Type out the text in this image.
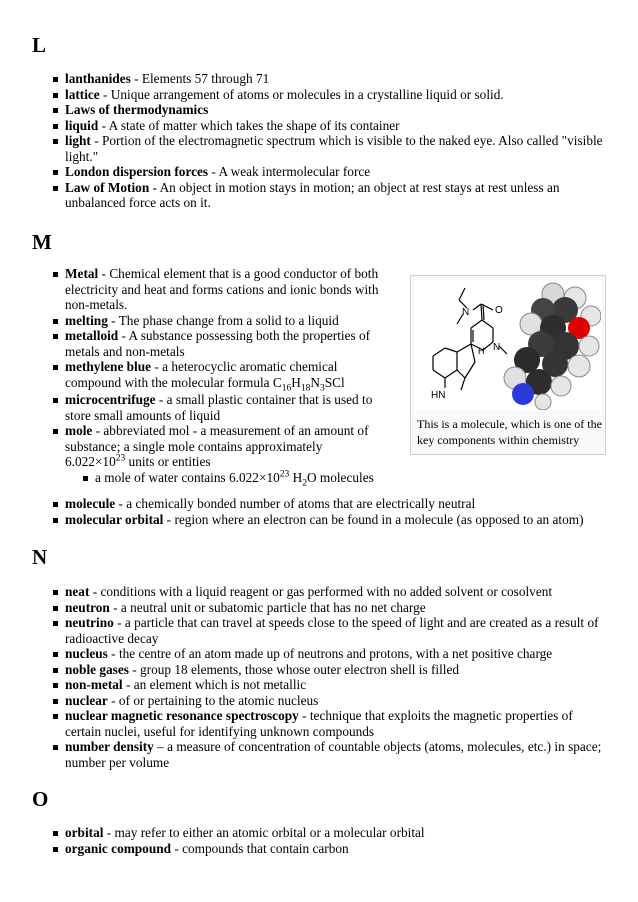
L
lanthanides - Elements 57 through 71
lattice - Unique arrangement of atoms or molecules in a crystalline liquid or solid.
Laws of thermodynamics
liquid - A state of matter which takes the shape of its container
light - Portion of the electromagnetic spectrum which is visible to the naked eye. Also called "visible light."
London dispersion forces - A weak intermolecular force
Law of Motion - An object in motion stays in motion; an object at rest stays at rest unless an unbalanced force acts on it.
M
Metal - Chemical element that is a good conductor of both electricity and heat and forms cations and ionic bonds with non-metals.
melting - The phase change from a solid to a liquid
metalloid - A substance possessing both the properties of metals and non-metals
methylene blue - a heterocyclic aromatic chemical compound with the molecular formula $C_{16}H_{18}N_3SCl$
microcentrifuge - a small plastic container that is used to store small amounts of liquid
mole - abbreviated mol - a measurement of an amount of substance; a single mole contains approximately
$6.022\times 10^{23}$ units or entities
a mole of water contains $6.022\times 10^{23}$ $H_2O$ molecules
molecule - a chemically bonded number of atoms that are electrically neutral
molecular orbital - region where an electron can be found in a molecule (as opposed to an atom)
N	O
H N
HN
This is a molecule, which is one of the key components within chemistry
N
neat - conditions with a liquid reagent or gas performed with no added solvent or cosolvent
neutron - a neutral unit or subatomic particle that has no net charge
neutrino - a particle that can travel at speeds close to the speed of light and are created as a result of radioactive decay
nucleus - the centre of an atom made up of neutrons and protons, with a net positive charge
noble gases - group 18 elements, those whose outer electron shell is filled
non-metal - an element which is not metallic
nuclear - of or pertaining to the atomic nucleus
nuclear magnetic resonance spectroscopy - technique that exploits the magnetic properties of certain nuclei, useful for identifying unknown compounds
number density – a measure of concentration of countable objects (atoms, molecules, etc.) in space; number per volume
O
orbital - may refer to either an atomic orbital or a molecular orbital
organic compound - compounds that contain carbon
